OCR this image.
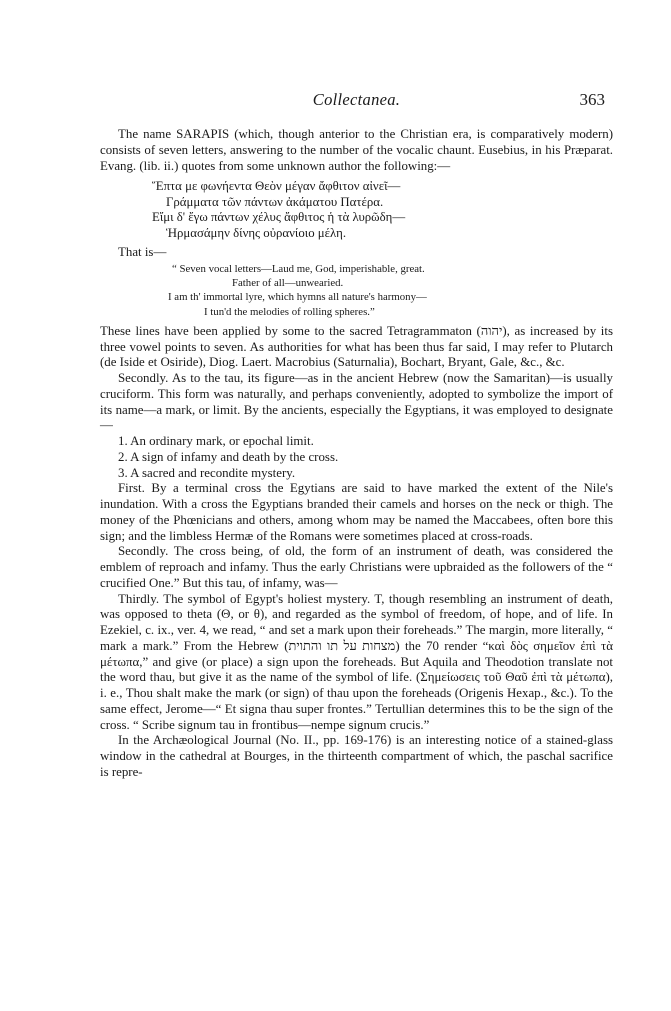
Collectanea.	363

The name SARAPIS (which, though anterior to the Christian era, is comparatively modern) consists of seven letters, answering to the number of the vocalic chaunt. Eusebius, in his Præparat. Evang. (lib. ii.) quotes from some unknown author the following:—

Ἕπτα με φωνήεντα Θεὸν μέγαν ἄφθιτον αἰνεῖ—
Γράμματα τῶν πάντων ἀκάματου Πατέρα.
Εἴμι δ' ἔγω πάντων χέλυς ἄφθιτος ἡ τὰ λυρῶδη—
Ἡρμασάμην δίνης οὐρανίοιο μέλη.

That is—

“ Seven vocal letters—Laud me, God, imperishable, great.
Father of all—unwearied.
I am th' immortal lyre, which hymns all nature's harmony—
I tun'd the melodies of rolling spheres.”

These lines have been applied by some to the sacred Tetragrammaton (יהוה), as increased by its three vowel points to seven. As authorities for what has been thus far said, I may refer to Plutarch (de Iside et Osiride), Diog. Laert. Macrobius (Saturnalia), Bochart, Bryant, Gale, &c., &c.

Secondly. As to the tau, its figure—as in the ancient Hebrew (now the Samaritan)—is usually cruciform. This form was naturally, and perhaps conveniently, adopted to symbolize the import of its name—a mark, or limit. By the ancients, especially the Egyptians, it was employed to designate—

1. An ordinary mark, or epochal limit.

2. A sign of infamy and death by the cross.

3. A sacred and recondite mystery.

First. By a terminal cross the Egytians are said to have marked the extent of the Nile's inundation. With a cross the Egyptians branded their camels and horses on the neck or thigh. The money of the Phœnicians and others, among whom may be named the Maccabees, often bore this sign; and the limbless Hermæ of the Romans were sometimes placed at cross-roads.

Secondly. The cross being, of old, the form of an instrument of death, was considered the emblem of reproach and infamy. Thus the early Christians were upbraided as the followers of the “ crucified One.” But this tau, of infamy, was—

Thirdly. The symbol of Egypt's holiest mystery. T, though resembling an instrument of death, was opposed to theta (Θ, or θ), and regarded as the symbol of freedom, of hope, and of life. In Ezekiel, c. ix., ver. 4, we read, “ and set a mark upon their foreheads.” The margin, more literally, “ mark a mark.” From the Hebrew (מצחות על תו והתוית) the 70 render “καὶ δὸς σημεῖον ἐπὶ τὰ μέτωπα,” and give (or place) a sign upon the foreheads. But Aquila and Theodotion translate not the word thau, but give it as the name of the symbol of life. (Σημείωσεις τοῦ Θαῦ ἐπὶ τὰ μέτωπα), i. e., Thou shalt make the mark (or sign) of thau upon the foreheads (Origenis Hexap., &c.). To the same effect, Jerome—“ Et signa thau super frontes.” Tertullian determines this to be the sign of the cross. “ Scribe signum tau in frontibus—nempe signum crucis.”

In the Archæological Journal (No. II., pp. 169-176) is an interesting notice of a stained-glass window in the cathedral at Bourges, in the thirteenth compartment of which, the paschal sacrifice is repre-
